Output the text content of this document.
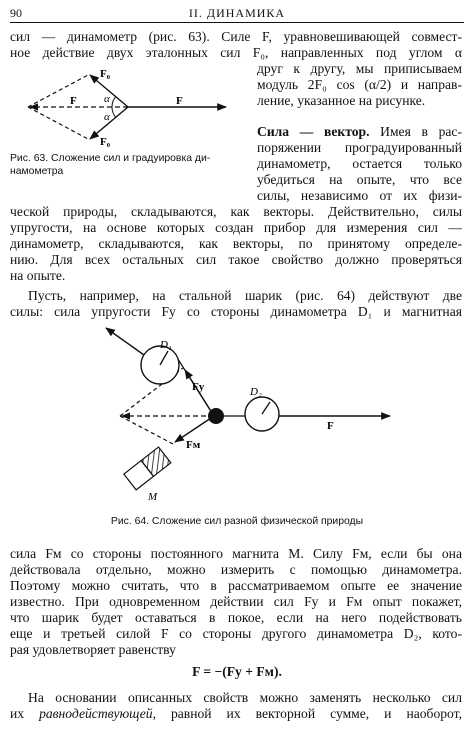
90	II. ДИНАМИКА
сил — динамометр (рис. 63). Силе F, уравновешивающей совмест-
ное действие двух эталонных сил F₀, направленных под углом α
F₀
F₀
α
α
F	F
Рис. 63. Сложение сил и градуировка ди-
намометра
друг к другу, мы приписываем
модуль 2F₀ cos (α/2) и направ-
ление, указанное на рисунке.
Сила — вектор. Имея в рас-
поряжении проградуированный
динамометр, остается только
убедиться на опыте, что все
силы, независимо от их физи-
ческой природы, складываются, как векторы. Действительно, силы
упругости, на основе которых создан прибор для измерения сил —
динамометр, складываются, как векторы, по принятому определе-
нию. Для всех остальных сил такое свойство должно проверяться
на опыте.
Пусть, например, на стальной шарик (рис. 64) действуют две
силы: сила упругости Fу со стороны динамометра D₁ и магнитная
D₁
D₂
Fу
Fм
F
M
Рис. 64. Сложение сил разной физической природы
сила Fм со стороны постоянного магнита M. Силу Fм, если бы она
действовала отдельно, можно измерить с помощью динамометра.
Поэтому можно считать, что в рассматриваемом опыте ее значение
известно. При одновременном действии сил Fу и Fм опыт покажет,
что шарик будет оставаться в покое, если на него подействовать
еще и третьей силой F со стороны другого динамометра D₂, кото-
рая удовлетворяет равенству
F = −(Fу + Fм).
На основании описанных свойств можно заменять несколько сил
их равнодействующей, равной их векторной сумме, и наоборот,
